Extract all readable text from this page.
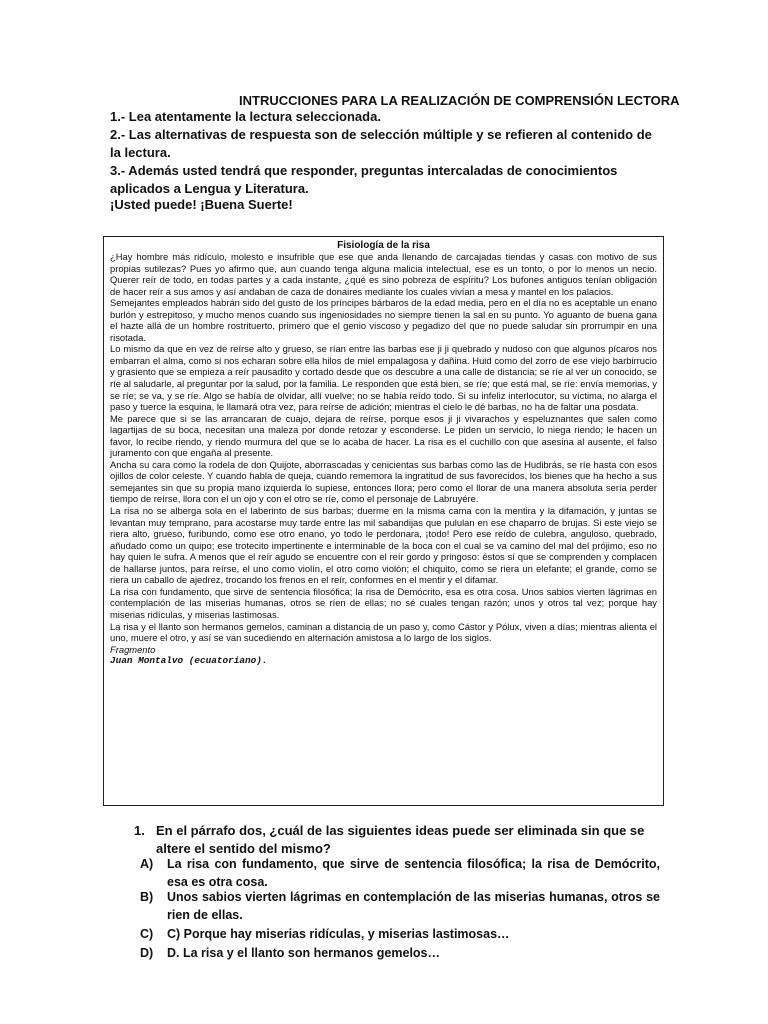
INTRUCCIONES PARA LA REALIZACIÓN DE COMPRENSIÓN LECTORA
1.- Lea atentamente la lectura seleccionada.
2.- Las alternativas de respuesta son de selección múltiple y se refieren al contenido de la lectura.
3.- Además usted tendrá que responder, preguntas intercaladas de conocimientos aplicados a Lengua y Literatura.
¡Usted puede! ¡Buena Suerte!
Fisiología de la risa

¿Hay hombre más ridículo, molesto e insufrible que ese que anda llenando de carcajadas tiendas y casas con motivo de sus propias sutilezas? Pues yo afirmo que, aun cuando tenga alguna malicia intelectual, ese es un tonto, o por lo menos un necio. Querer reír de todo, en todas partes y a cada instante, ¿qué es sino pobreza de espíritu? Los bufones antiguos tenían obligación de hacer reír a sus amos y así andaban de caza de donaires mediante los cuales vivían a mesa y mantel en los palacios.

Semejantes empleados habrán sido del gusto de los príncipes bárbaros de la edad media, pero en el día no es aceptable un enano burlón y estrepitoso, y mucho menos cuando sus ingeniosidades no siempre tienen la sal en su punto. Yo aguanto de buena gana el hazte allá de un hombre rostrituerto, primero que el genio viscoso y pegadizo del que no puede saludar sin prorrumpir en una risotada.

Lo mismo da que en vez de reírse alto y grueso, se rían entre las barbas ese ji ji quebrado y nudoso con que algunos pícaros nos embarran el alma, como si nos echaran sobre ella hilos de miel empalagosa y dañina. Huid como del zorro de ese viejo barbirrucio y grasiento que se empieza a reír pausadito y cortado desde que os descubre a una calle de distancia; se ríe al ver un conocido, se ríe al saludarle, al preguntar por la salud, por la familia. Le responden que está bien, se ríe; que está mal, se ríe: envía memorias, y se ríe; se va, y se ríe. Algo se había de olvidar, allí vuelve; no se había reído todo. Si su infeliz interlocutor, su víctima, no alarga el paso y tuerce la esquina, le llamará otra vez, para reírse de adición; mientras el cielo le dé barbas, no ha de faltar una posdata.

Me parece que si se las arrancaran de cuajo, dejara de reírse, porque esos ji ji vivarachos y espeluznantes que salen como lagartijas de su boca, necesitan una maleza por donde retozar y esconderse. Le piden un servicio, lo niega riendo; le hacen un favor, lo recibe riendo, y riendo murmura del que se lo acaba de hacer. La risa es el cuchillo con que asesina al ausente, el falso juramento con que engaña al presente.

Ancha su cara como la rodela de don Quijote, aborrascadas y cenicientas sus barbas como las de Hudibrás, se ríe hasta con esos ojillos de color celeste. Y cuando habla de queja, cuando rememora la ingratitud de sus favorecidos, los bienes que ha hecho a sus semejantes sin que su propia mano izquierda lo supiese, entonces llora; pero como el llorar de una manera absoluta sería perder tiempo de reírse, llora con el un ojo y con el otro se ríe, como el personaje de Labruyére.

La risa no se alberga sola en el laberinto de sus barbas; duerme en la misma cama con la mentira y la difamación, y juntas se levantan muy temprano, para acostarse muy tarde entre las mil sabandijas que pululan en ese chaparro de brujas. Si este viejo se riera alto, grueso, furibundo, como ese otro enano, yo todo le perdonara, ¡todo! Pero ese reído de culebra, anguloso, quebrado, añudado como un quipo; ese trotecito impertinente e interminable de la boca con el cual se va camino del mal del prójimo, eso no hay quien le sufra. A menos que el reír agudo se encuentre con el reír gordo y pringoso: éstos sí que se comprenden y complacen de hallarse juntos, para reírse, el uno como violín, el otro como violón; el chiquito, como se riera un elefante; el grande, como se riera un caballo de ajedrez, trocando los frenos en el reír, conformes en el mentir y el difamar.

La risa con fundamento, que sirve de sentencia filosófica; la risa de Demócrito, esa es otra cosa. Unos sabios vierten lágrimas en contemplación de las miserias humanas, otros se ríen de ellas; no sé cuales tengan razón; unos y otros tal vez; porque hay miserias ridículas, y miserias lastimosas.

La risa y el llanto son hermanos gemelos, caminan a distancia de un paso y, como Cástor y Pólux, viven a días; mientras alienta el uno, muere el otro, y así se van sucediendo en alternación amistosa a lo largo de los siglos.

Fragmento

Juan Montalvo (ecuatoriano).

1. En el párrafo dos, ¿cuál de las siguientes ideas puede ser eliminada sin que se altere el sentido del mismo?
A)	La risa con fundamento, que sirve de sentencia filosófica; la risa de Demócrito, esa es otra cosa.
B)	Unos sabios vierten lágrimas en contemplación de las miserias humanas, otros se rien de ellas.
C)	C) Porque hay miserias ridículas, y miserias lastimosas…
D)	D. La risa y el llanto son hermanos gemelos…
